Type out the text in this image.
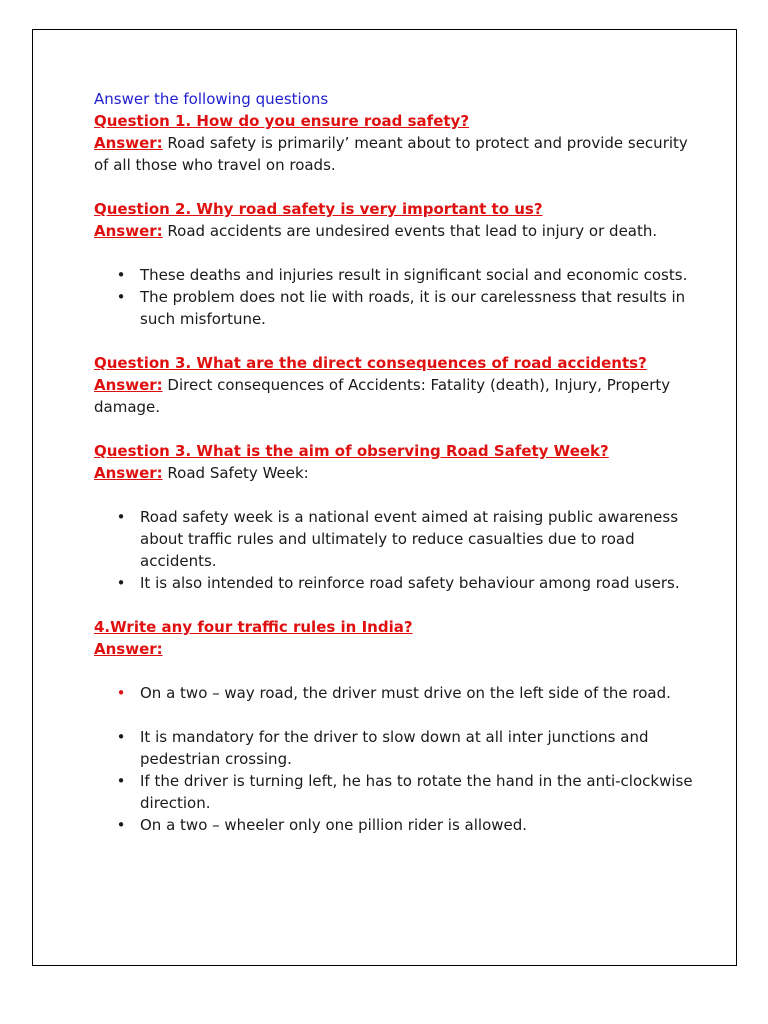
Answer the following questions
Question 1. How do you ensure road safety?
Answer: Road safety is primarily’ meant about to protect and provide security of all those who travel on roads.
Question 2. Why road safety is very important to us?
Answer: Road accidents are undesired events that lead to injury or death.
• These deaths and injuries result in significant social and economic costs.
• The problem does not lie with roads, it is our carelessness that results in such misfortune.
Question 3. What are the direct consequences of road accidents?
Answer: Direct consequences of Accidents: Fatality (death), Injury, Property damage.
Question 3. What is the aim of observing Road Safety Week?
Answer: Road Safety Week:
• Road safety week is a national event aimed at raising public awareness about traffic rules and ultimately to reduce casualties due to road accidents.
• It is also intended to reinforce road safety behaviour among road users.
4.Write any four traffic rules in India?
Answer:
• On a two – way road, the driver must drive on the left side of the road.
• It is mandatory for the driver to slow down at all inter junctions and pedestrian crossing.
• If the driver is turning left, he has to rotate the hand in the anti-clockwise direction.
• On a two – wheeler only one pillion rider is allowed.
